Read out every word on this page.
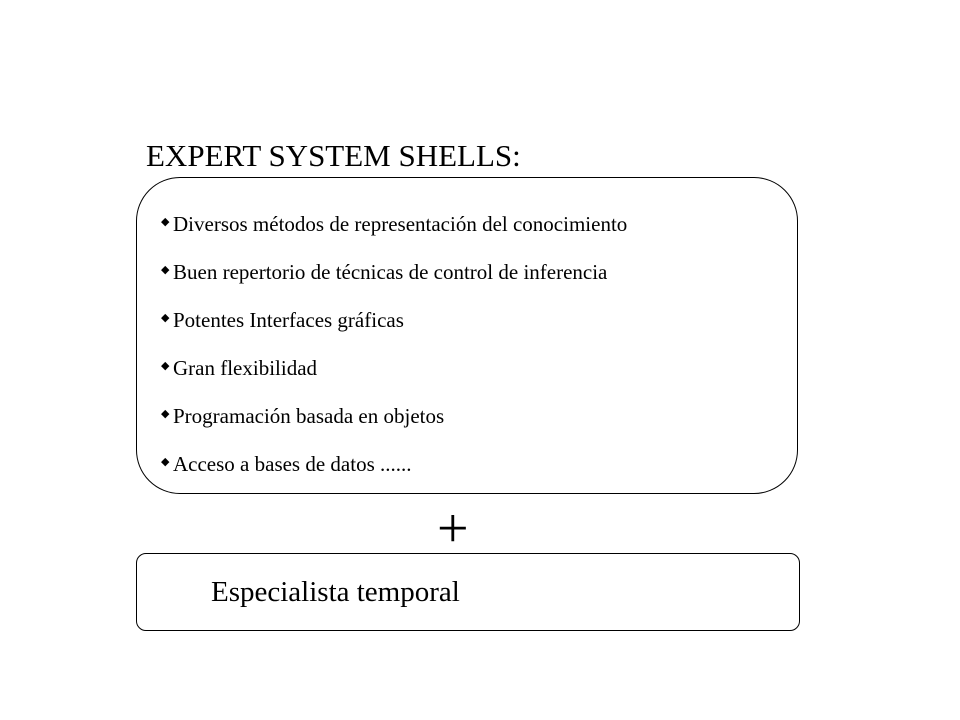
EXPERT SYSTEM SHELLS:
◆ Diversos métodos de representación del conocimiento
◆ Buen repertorio de técnicas de control de inferencia
◆ Potentes Interfaces gráficas
◆ Gran flexibilidad
◆ Programación basada en objetos
◆ Acceso a bases de datos ......
+
Especialista temporal
